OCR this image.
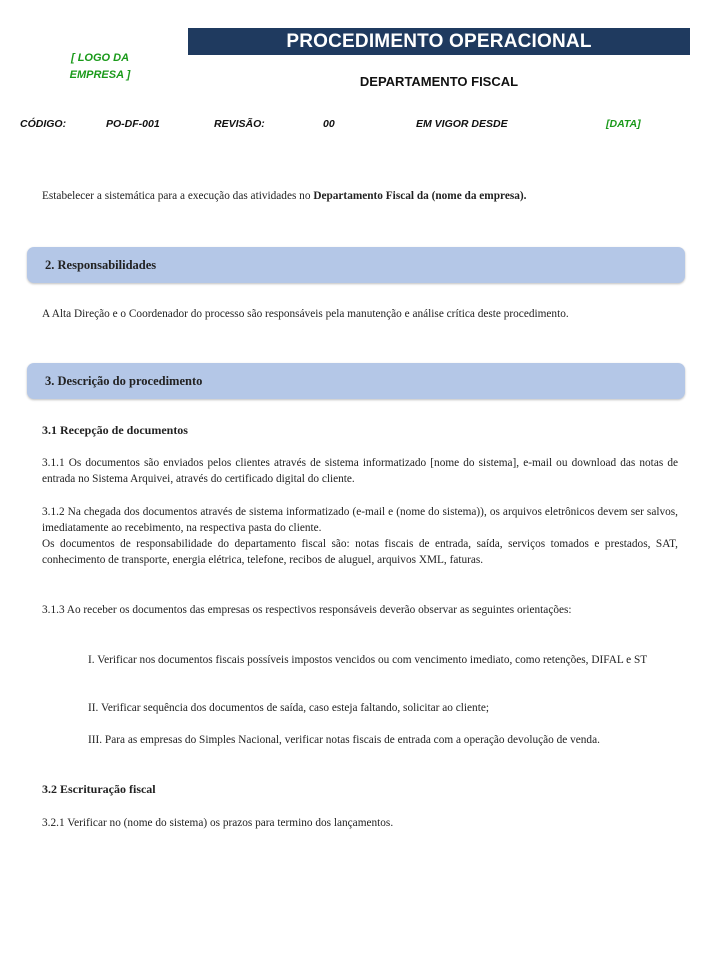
PROCEDIMENTO OPERACIONAL
[ LOGO DA
EMPRESA ]	DEPARTAMENTO FISCAL
CÓDIGO:	PO-DF-001	REVISÃO:	00	EM VIGOR DESDE	[DATA]
Estabelecer a sistemática para a execução das atividades no Departamento Fiscal da (nome da empresa).
2. Responsabilidades
A Alta Direção e o Coordenador do processo são responsáveis pela manutenção e análise crítica deste procedimento.
3. Descrição do procedimento
3.1 Recepção de documentos
3.1.1 Os documentos são enviados pelos clientes através de sistema informatizado [nome do sistema], e-mail ou download das notas de entrada no Sistema Arquivei, através do certificado digital do cliente.
3.1.2 Na chegada dos documentos através de sistema informatizado (e-mail e (nome do sistema)), os arquivos eletrônicos devem ser salvos, imediatamente ao recebimento, na respectiva pasta do cliente.
Os documentos de responsabilidade do departamento fiscal são: notas fiscais de entrada, saída, serviços tomados e prestados, SAT, conhecimento de transporte, energia elétrica, telefone, recibos de aluguel, arquivos XML, faturas.
3.1.3 Ao receber os documentos das empresas os respectivos responsáveis deverão observar as seguintes orientações:
I. Verificar nos documentos fiscais possíveis impostos vencidos ou com vencimento imediato, como retenções, DIFAL e ST
II. Verificar sequência dos documentos de saída, caso esteja faltando, solicitar ao cliente;
III. Para as empresas do Simples Nacional, verificar notas fiscais de entrada com a operação devolução de venda.
3.2 Escrituração fiscal
3.2.1 Verificar no (nome do sistema) os prazos para termino dos lançamentos.
